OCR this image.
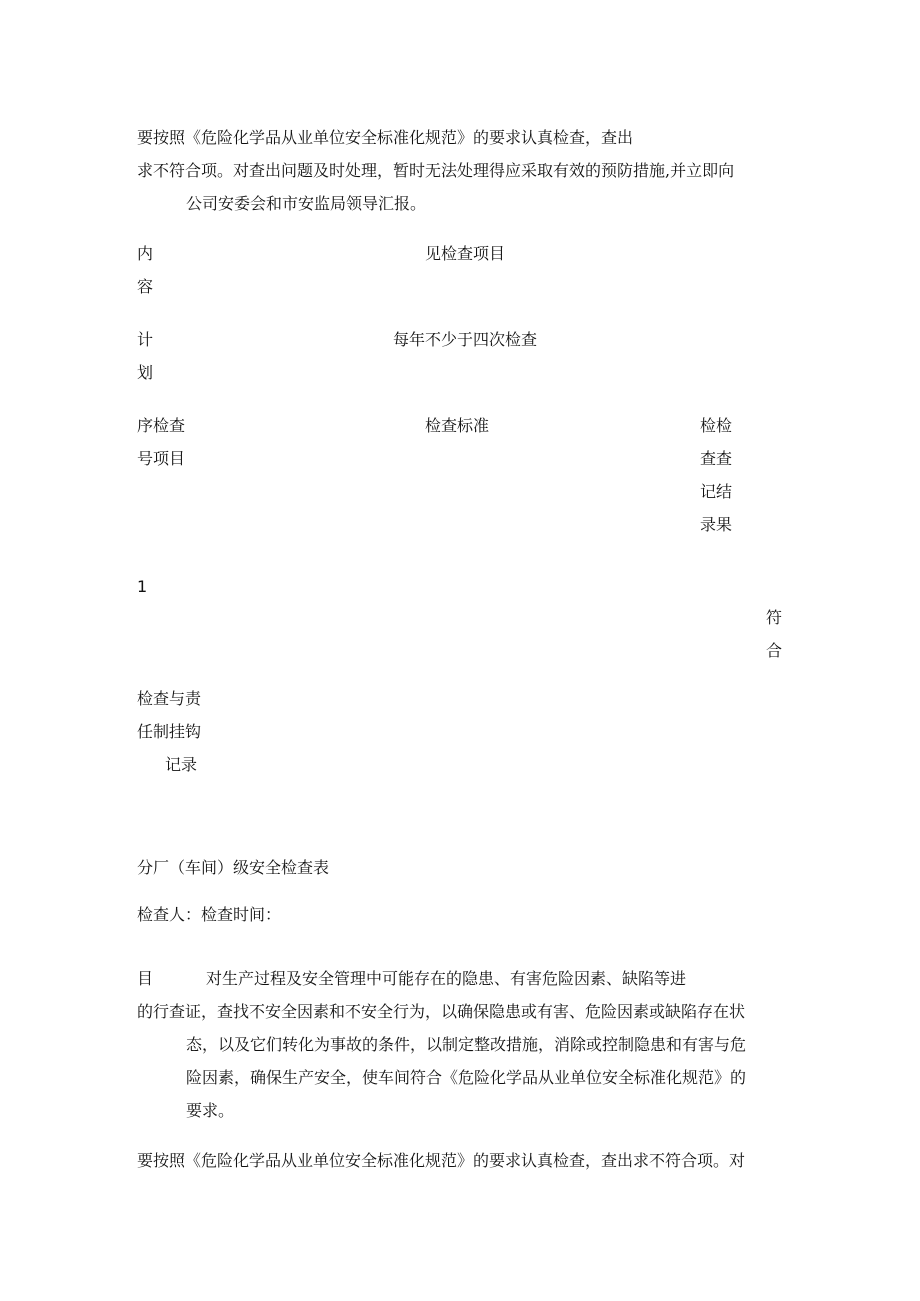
要按照《危险化学品从业单位安全标准化规范》的要求认真检查，查出
求不符合项。对查出问题及时处理，暂时无法处理得应采取有效的预防措施,并立即向
公司安委会和市安监局领导汇报。
内
容
见检查项目
计
划
每年不少于四次检查
序检查
号项目
检查标准	检检
查查
记结
录果
1
符
合
检查与责
任制挂钩
记录
分厂（车间）级安全检查表
检查人：检查时间：
目	对生产过程及安全管理中可能存在的隐患、有害危险因素、缺陷等进
的行查证，查找不安全因素和不安全行为，以确保隐患或有害、危险因素或缺陷存在状
态，以及它们转化为事故的条件，以制定整改措施，消除或控制隐患和有害与危
险因素，确保生产安全，使车间符合《危险化学品从业单位安全标准化规范》的
要求。
要按照《危险化学品从业单位安全标准化规范》的要求认真检查，查出求不符合项。对
